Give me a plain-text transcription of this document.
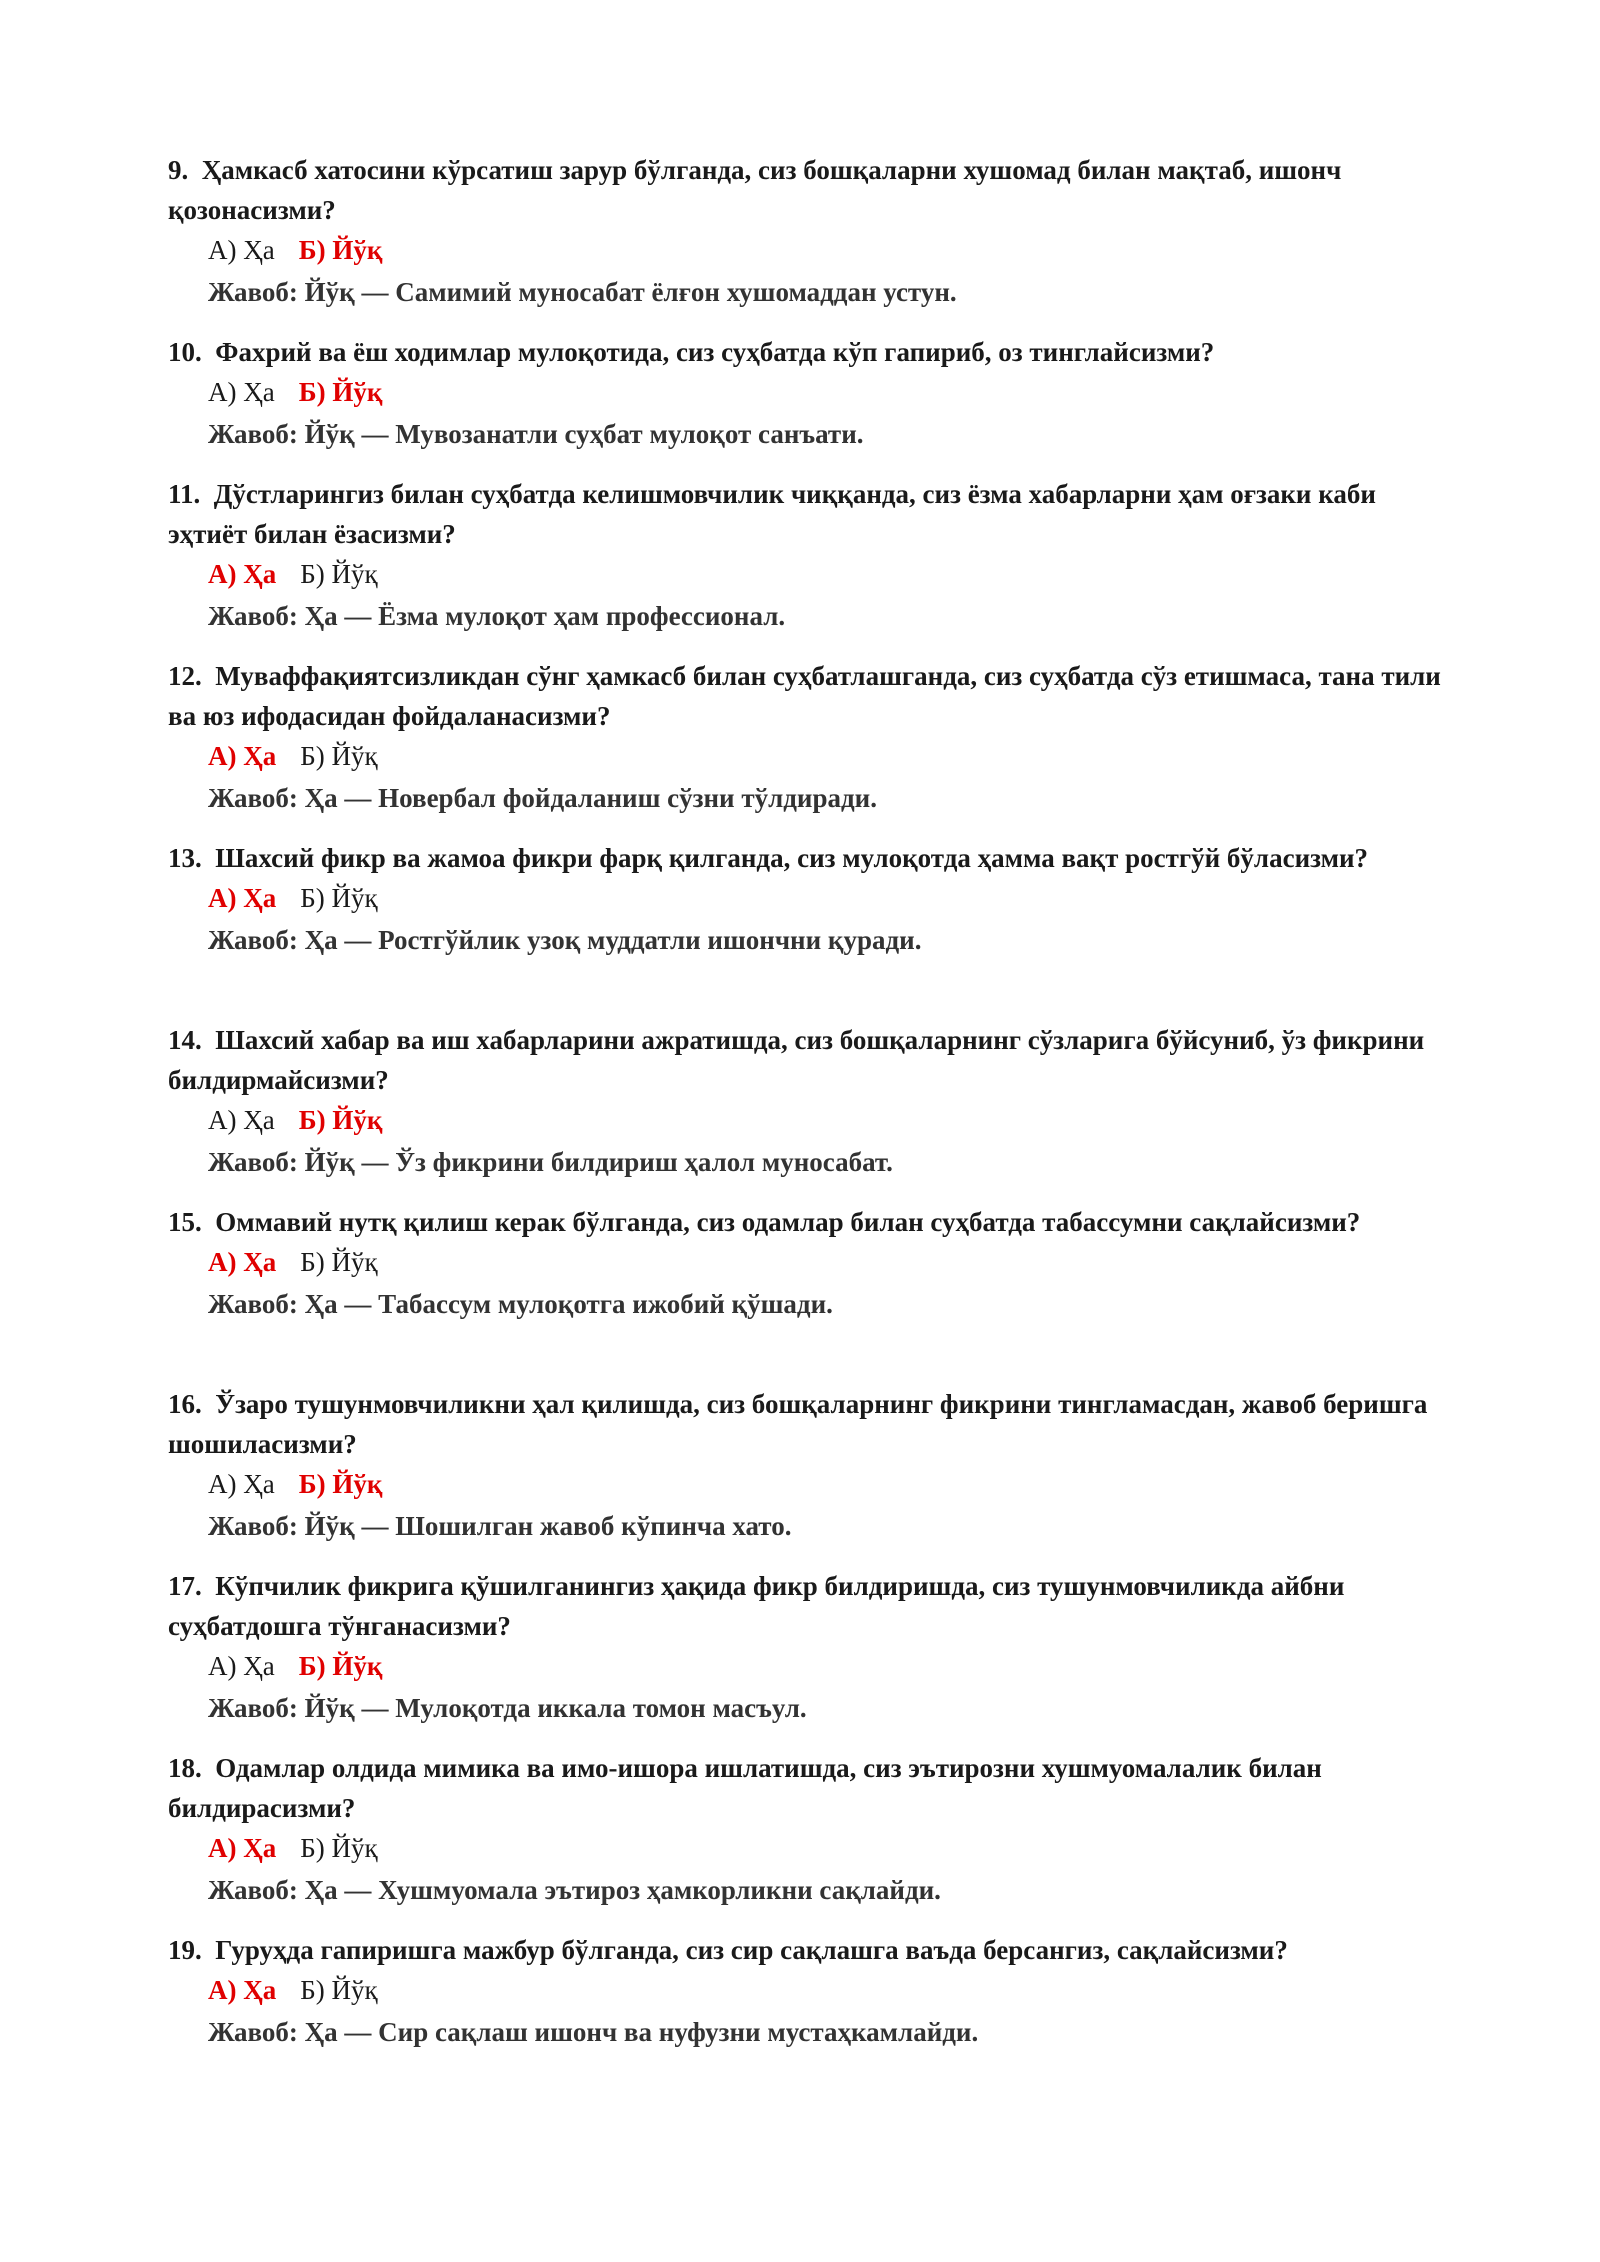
9. Ҳамкасб хатосини кўрсатиш зарур бўлганда, сиз бошқаларни хушомад билан мақтаб, ишонч қозонасизми?

А) Ҳа Б) Йўқ

Жавоб: Йўқ — Самимий муносабат ёлғон хушомаддан устун.

10. Фахрий ва ёш ходимлар мулоқотида, сиз суҳбатда кўп гапириб, оз тинглайсизми?

А) Ҳа Б) Йўқ

Жавоб: Йўқ — Мувозанатли суҳбат мулоқот санъати.

11. Дўстларингиз билан суҳбатда келишмовчилик чиққанда, сиз ёзма хабарларни ҳам оғзаки каби эҳтиёт билан ёзасизми?

А) Ҳа Б) Йўқ

Жавоб: Ҳа — Ёзма мулоқот ҳам профессионал.

12. Муваффақиятсизликдан сўнг ҳамкасб билан суҳбатлашганда, сиз суҳбатда сўз етишмаса, тана тили ва юз ифодасидан фойдаланасизми?

А) Ҳа Б) Йўқ

Жавоб: Ҳа — Новербал фойдаланиш сўзни тўлдиради.

13. Шахсий фикр ва жамоа фикри фарқ қилганда, сиз мулоқотда ҳамма вақт ростгўй бўласизми?

А) Ҳа Б) Йўқ

Жавоб: Ҳа — Ростгўйлик узоқ муддатли ишончни қуради.

14. Шахсий хабар ва иш хабарларини ажратишда, сиз бошқаларнинг сўзларига бўйсуниб, ўз фикрини билдирмайсизми?

А) Ҳа Б) Йўқ

Жавоб: Йўқ — Ўз фикрини билдириш ҳалол муносабат.

15. Оммавий нутқ қилиш керак бўлганда, сиз одамлар билан суҳбатда табассумни сақлайсизми?

А) Ҳа Б) Йўқ

Жавоб: Ҳа — Табассум мулоқотга ижобий қўшади.

16. Ўзаро тушунмовчиликни ҳал қилишда, сиз бошқаларнинг фикрини тингламасдан, жавоб беришга шошиласизми?

А) Ҳа Б) Йўқ

Жавоб: Йўқ — Шошилган жавоб кўпинча хато.

17. Кўпчилик фикрига қўшилганингиз ҳақида фикр билдиришда, сиз тушунмовчиликда айбни суҳбатдошга тўнганасизми?

А) Ҳа Б) Йўқ

Жавоб: Йўқ — Мулоқотда иккала томон масъул.

18. Одамлар олдида мимика ва имо-ишора ишлатишда, сиз эътирозни хушмуомалалик билан билдирасизми?

А) Ҳа Б) Йўқ

Жавоб: Ҳа — Хушмуомала эътироз ҳамкорликни сақлайди.

19. Гуруҳда гапиришга мажбур бўлганда, сиз сир сақлашга ваъда берсангиз, сақлайсизми?

А) Ҳа Б) Йўқ

Жавоб: Ҳа — Сир сақлаш ишонч ва нуфузни мустаҳкамлайди.
